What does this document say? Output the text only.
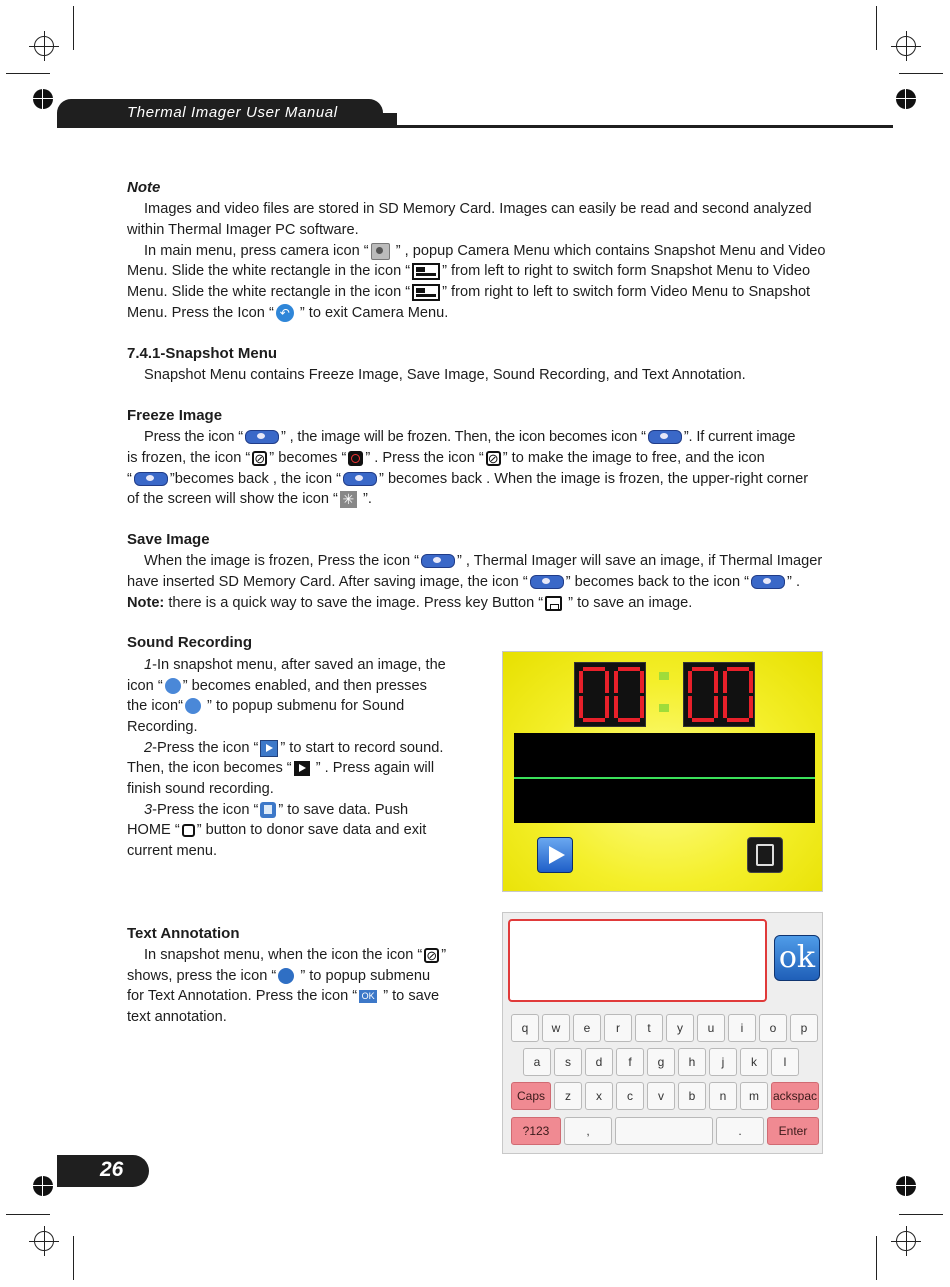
Thermal Imager User Manual
Note
Images and video files are stored in SD Memory Card. Images can easily be read and second analyzed
within Thermal Imager PC software.
In main menu, press camera icon “ ” , popup Camera Menu which contains Snapshot Menu and Video
Menu. Slide the white rectangle in the icon “ ” from left to right to switch form Snapshot Menu to Video
Menu. Slide the white rectangle in the icon “ ” from right to left to switch form Video Menu to Snapshot
Menu. Press the Icon “ ↶ ” to exit Camera Menu.
7.4.1-Snapshot Menu
Snapshot Menu contains Freeze Image, Save Image, Sound Recording, and Text Annotation.
Freeze Image
Press the icon “	” , the image will be frozen. Then, the icon becomes icon “	”. If current image
is frozen, the icon “ ⊘ ” becomes “ ” . Press the icon “ ⊘ ” to make the image to free, and the icon
“	”becomes back , the icon “	” becomes back . When the image is frozen, the upper-right corner
of the screen will show the icon “ ✳ ”.
Save Image
When the image is frozen, Press the icon “	” , Thermal Imager will save an image, if Thermal Imager
have inserted SD Memory Card. After saving image, the icon “	” becomes back to the icon “	” .
Note: there is a quick way to save the image. Press key Button “ ” to save an image.
Sound Recording
1-In snapshot menu, after saved an image, the
icon “ ” becomes enabled, and then presses
the icon“ ” to popup submenu for Sound
Recording.
2-Press the icon “ ” to start to record sound.
Then, the icon becomes “ ” . Press again will
finish sound recording.
3-Press the icon “ ” to save data. Push
HOME “ ” button to donor save data and exit
current menu.
Text Annotation
In snapshot menu, when the icon the icon “ ⊘ ”
shows, press the icon “ ” to popup submenu
for Text Annotation. Press the icon “ OK ” to save
text annotation.
ok
q	w	e	r	t	y	u	i	o	p
a	s	d	f	g	h	j	k	l
Caps	z	x	c	v	b	n	m	ackspac
?123	,	.	Enter
26
